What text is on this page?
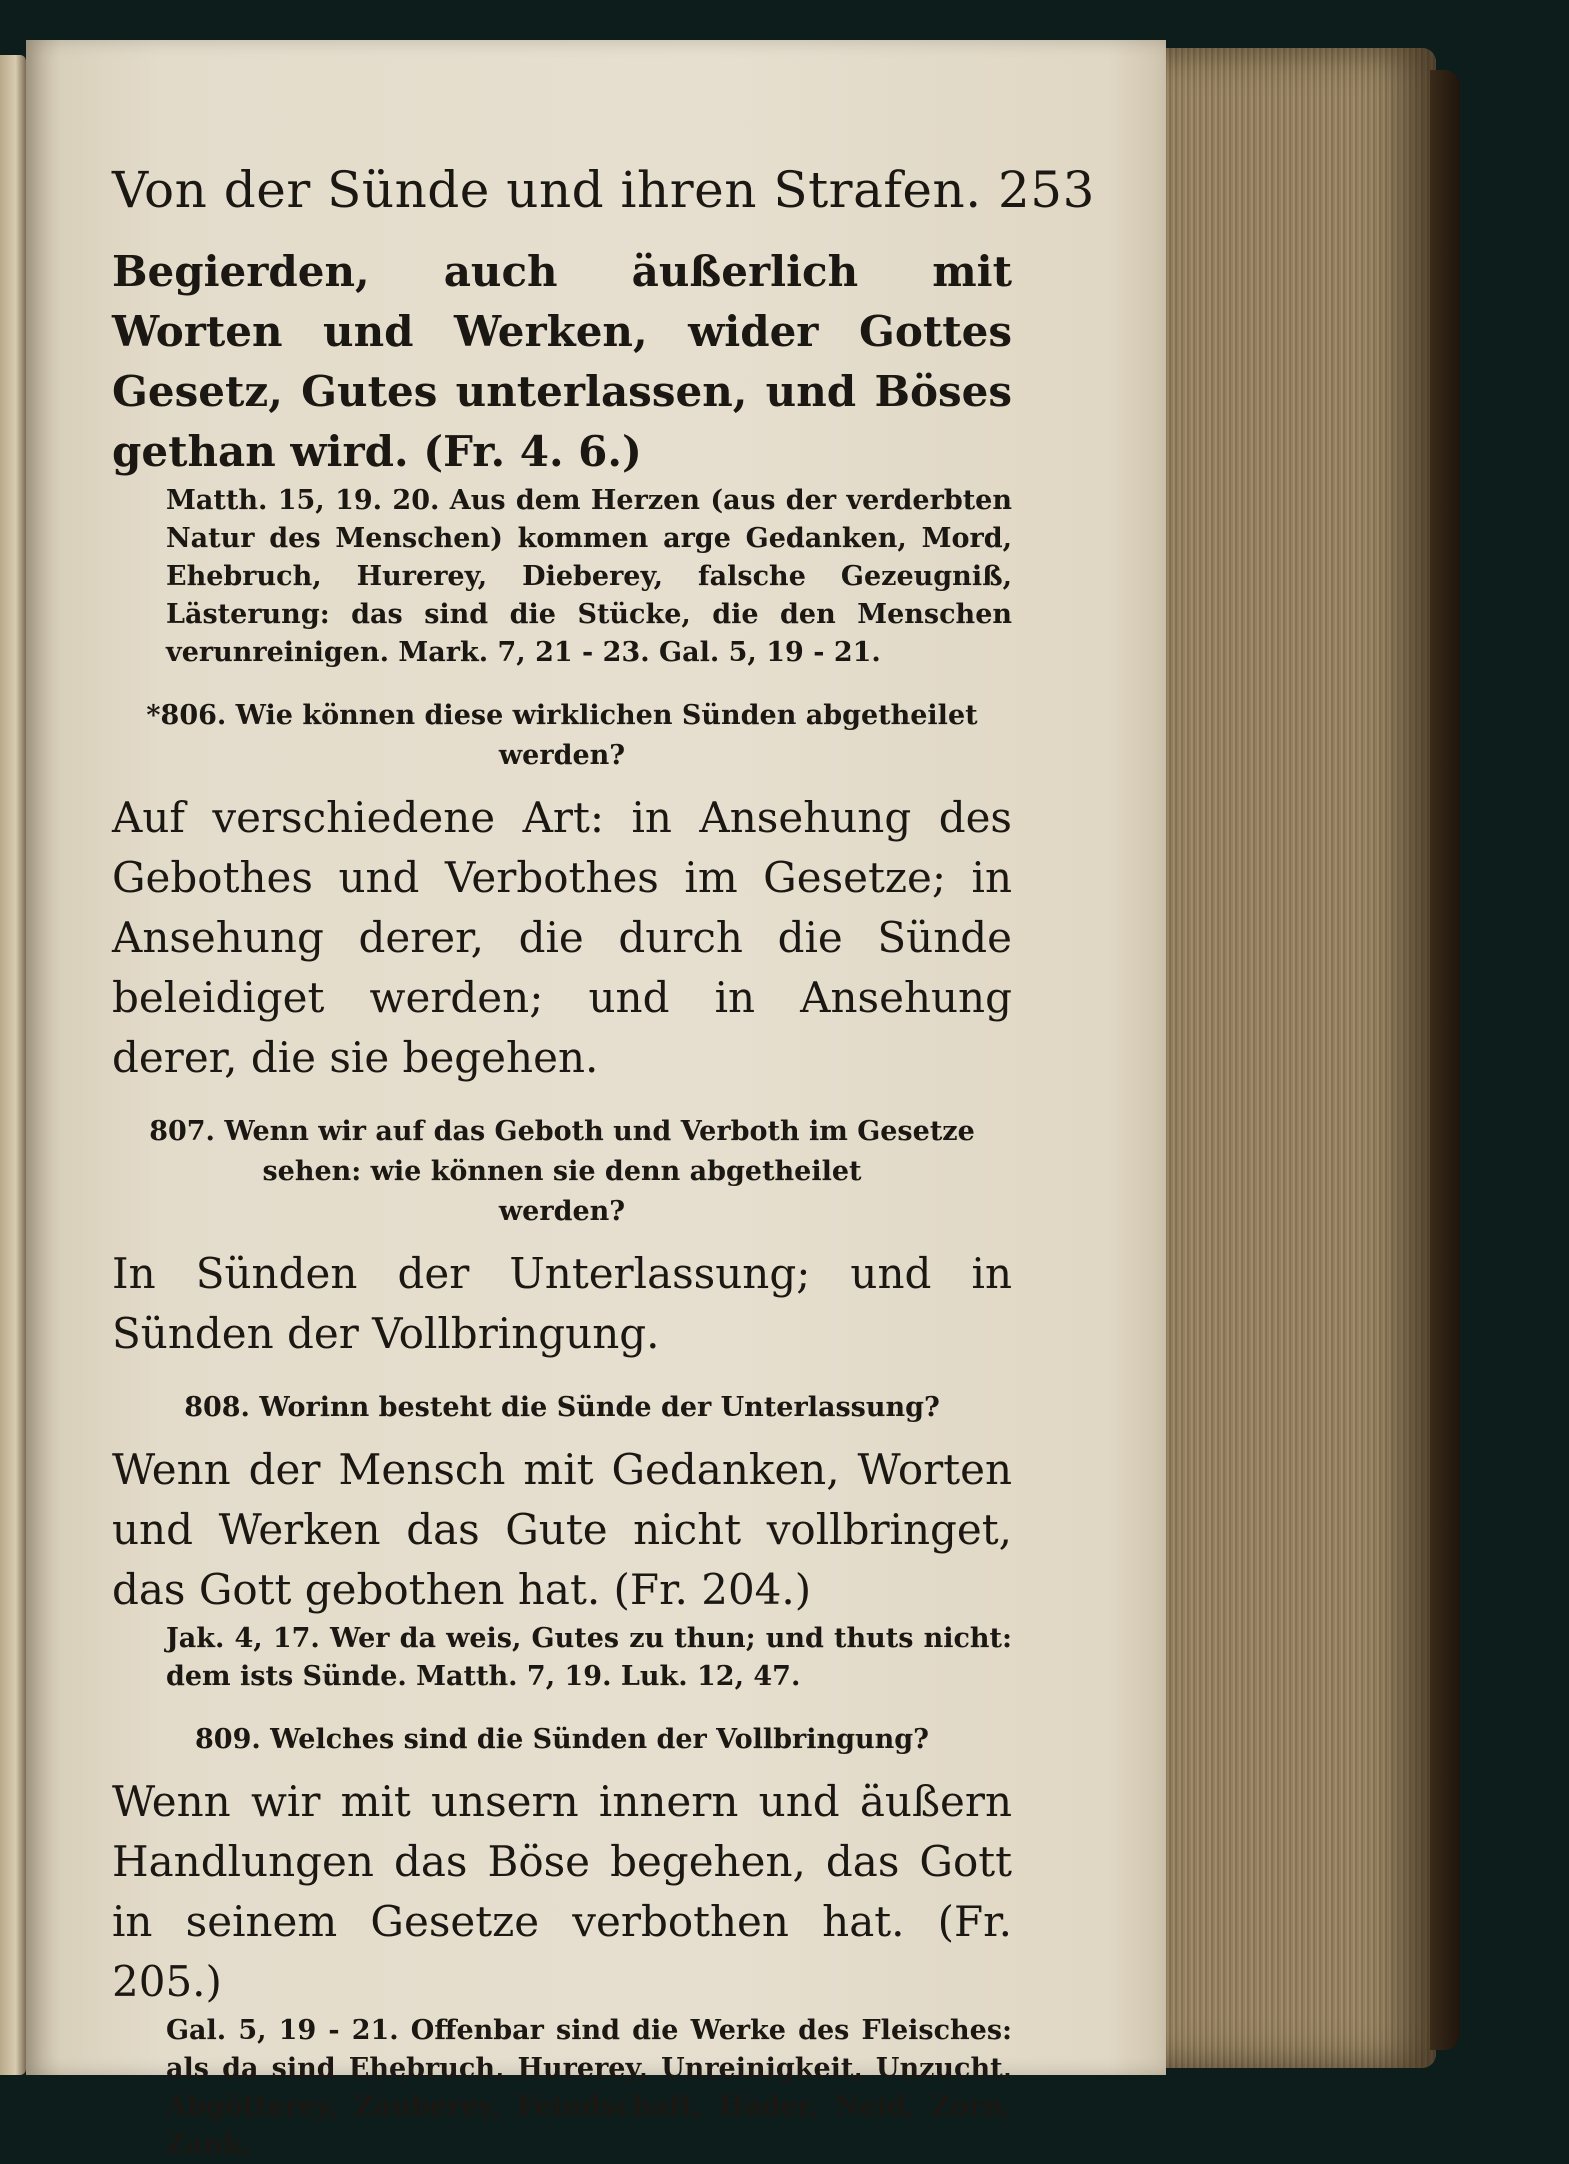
Von der Sünde und ihren Strafen. 253
Begierden, auch äußerlich mit Worten und Werken, wider Gottes Gesetz, Gutes unterlassen, und Böses gethan wird. (Fr. 4. 6.)
Matth. 15, 19. 20. Aus dem Herzen (aus der verderbten Natur des Menschen) kommen arge Gedanken, Mord, Ehebruch, Hurerey, Dieberey, falsche Gezeugniß, Lästerung: das sind die Stücke, die den Menschen verunreinigen. Mark. 7, 21 - 23. Gal. 5, 19 - 21.
*806. Wie können diese wirklichen Sünden abgetheilet
werden?
Auf verschiedene Art: in Ansehung des Gebothes und Verbothes im Gesetze; in Ansehung derer, die durch die Sünde beleidiget werden; und in Ansehung derer, die sie begehen.
807. Wenn wir auf das Geboth und Verboth im Gesetze
sehen: wie können sie denn abgetheilet
werden?
In Sünden der Unterlassung; und in Sünden der Vollbringung.
808. Worinn besteht die Sünde der Unterlassung?
Wenn der Mensch mit Gedanken, Worten und Werken das Gute nicht vollbringet, das Gott gebothen hat. (Fr. 204.)
Jak. 4, 17. Wer da weis, Gutes zu thun; und thuts nicht: dem ists Sünde. Matth. 7, 19. Luk. 12, 47.
809. Welches sind die Sünden der Vollbringung?
Wenn wir mit unsern innern und äußern Handlungen das Böse begehen, das Gott in seinem Gesetze verbothen hat. (Fr. 205.)
Gal. 5, 19 - 21. Offenbar sind die Werke des Fleisches: als da sind Ehebruch, Hurerey, Unreinigkeit, Unzucht, Abgötterey, Zauberey, Feindschaft, Hader, Neid, Zorn, Zank,
